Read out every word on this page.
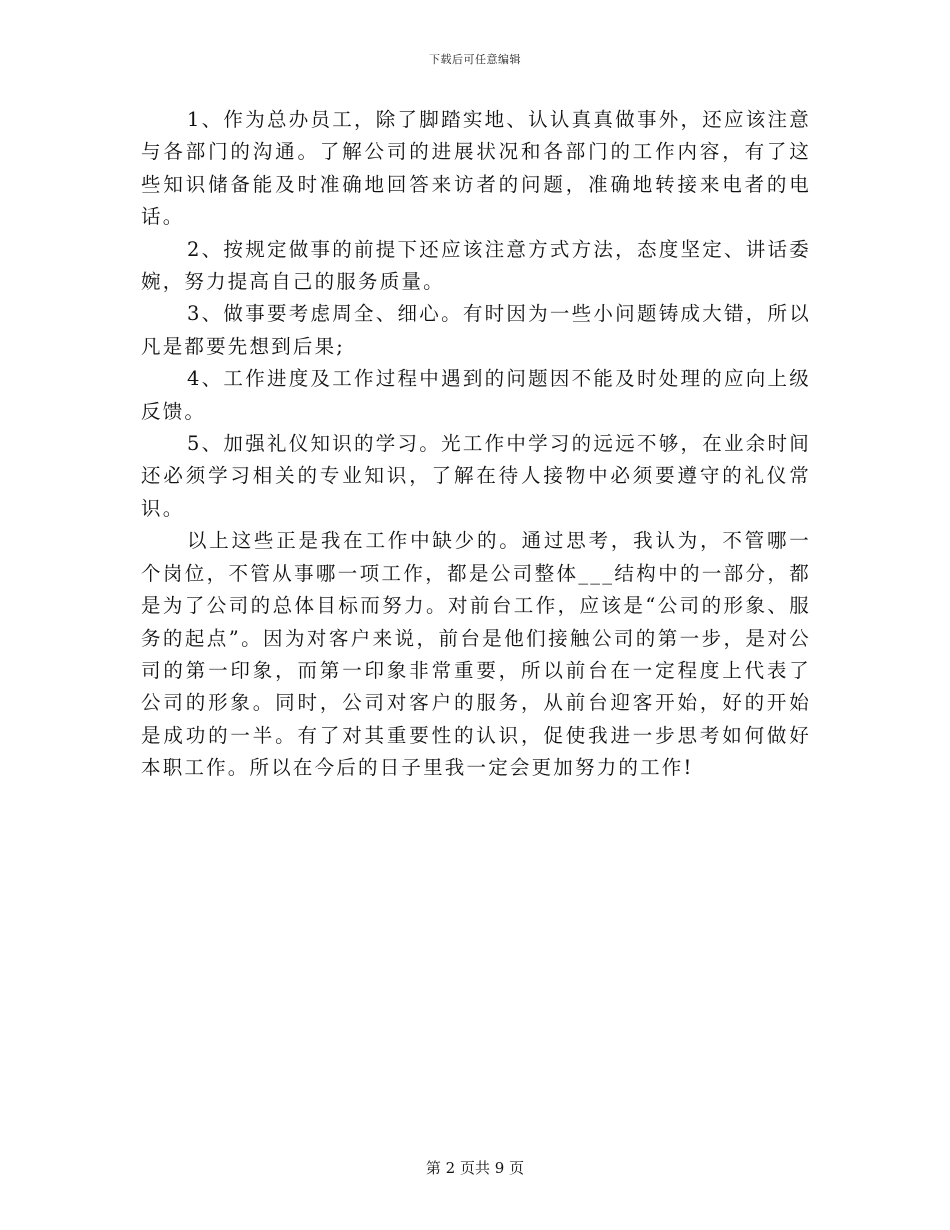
下载后可任意编辑

1、作为总办员工，除了脚踏实地、认认真真做事外，还应该注意与各部门的沟通。了解公司的进展状况和各部门的工作内容，有了这些知识储备能及时准确地回答来访者的问题，准确地转接来电者的电话。

2、按规定做事的前提下还应该注意方式方法，态度坚定、讲话委婉，努力提高自己的服务质量。

3、做事要考虑周全、细心。有时因为一些小问题铸成大错，所以凡是都要先想到后果;

4、工作进度及工作过程中遇到的问题因不能及时处理的应向上级反馈。

5、加强礼仪知识的学习。光工作中学习的远远不够，在业余时间还必须学习相关的专业知识，了解在待人接物中必须要遵守的礼仪常识。

以上这些正是我在工作中缺少的。通过思考，我认为，不管哪一个岗位，不管从事哪一项工作，都是公司整体___结构中的一部分，都是为了公司的总体目标而努力。对前台工作，应该是“公司的形象、服务的起点”。因为对客户来说，前台是他们接触公司的第一步，是对公司的第一印象，而第一印象非常重要，所以前台在一定程度上代表了公司的形象。同时，公司对客户的服务，从前台迎客开始，好的开始是成功的一半。有了对其重要性的认识，促使我进一步思考如何做好本职工作。所以在今后的日子里我一定会更加努力的工作!

第 2 页共 9 页
